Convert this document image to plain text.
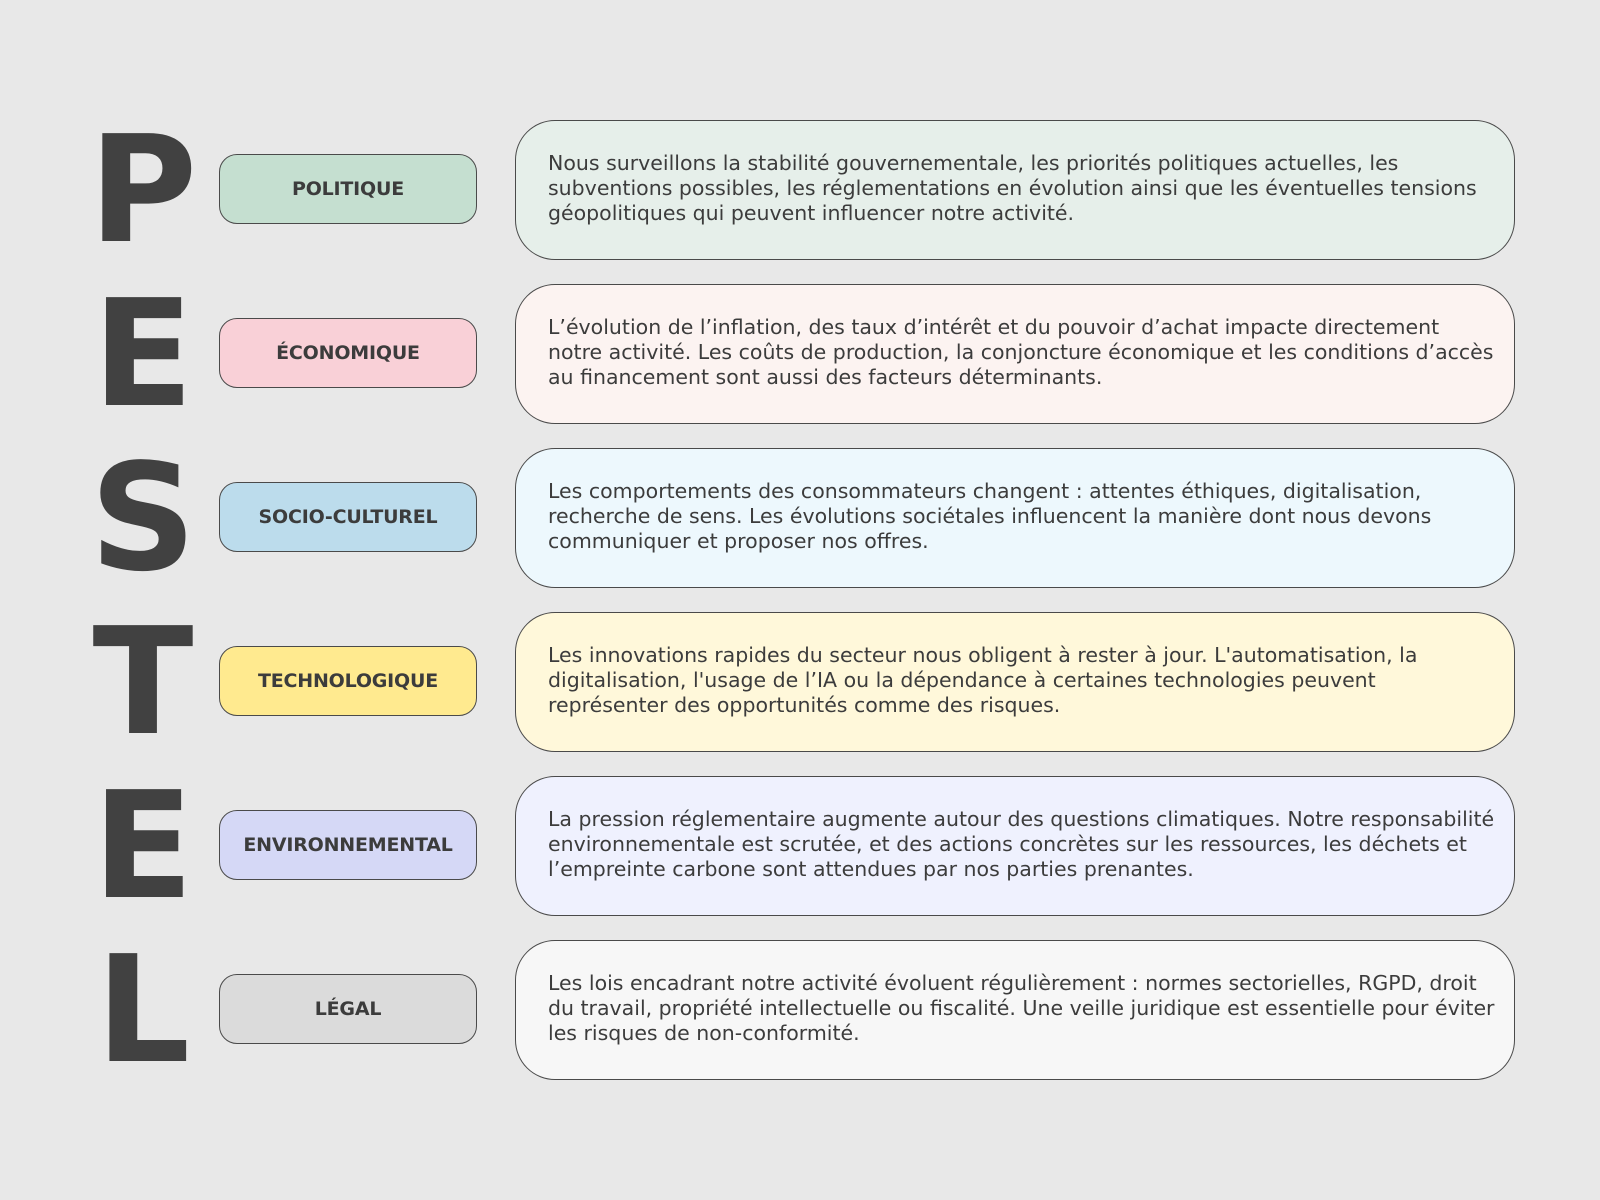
P	POLITIQUE
Nous surveillons la stabilité gouvernementale, les priorités politiques actuelles, les subventions possibles, les réglementations en évolution ainsi que les éventuelles tensions géopolitiques qui peuvent influencer notre activité.
E	ÉCONOMIQUE
L’évolution de l’inflation, des taux d’intérêt et du pouvoir d’achat impacte directement notre activité. Les coûts de production, la conjoncture économique et les conditions d’accès au financement sont aussi des facteurs déterminants.
S	SOCIO-CULTUREL
Les comportements des consommateurs changent : attentes éthiques, digitalisation, recherche de sens. Les évolutions sociétales influencent la manière dont nous devons communiquer et proposer nos offres.
T	TECHNOLOGIQUE
Les innovations rapides du secteur nous obligent à rester à jour. L'automatisation, la digitalisation, l'usage de l’IA ou la dépendance à certaines technologies peuvent représenter des opportunités comme des risques.
E	ENVIRONNEMENTAL
La pression réglementaire augmente autour des questions climatiques. Notre responsabilité environnementale est scrutée, et des actions concrètes sur les ressources, les déchets et l’empreinte carbone sont attendues par nos parties prenantes.
L	LÉGAL
Les lois encadrant notre activité évoluent régulièrement : normes sectorielles, RGPD, droit du travail, propriété intellectuelle ou fiscalité. Une veille juridique est essentielle pour éviter les risques de non-conformité.
